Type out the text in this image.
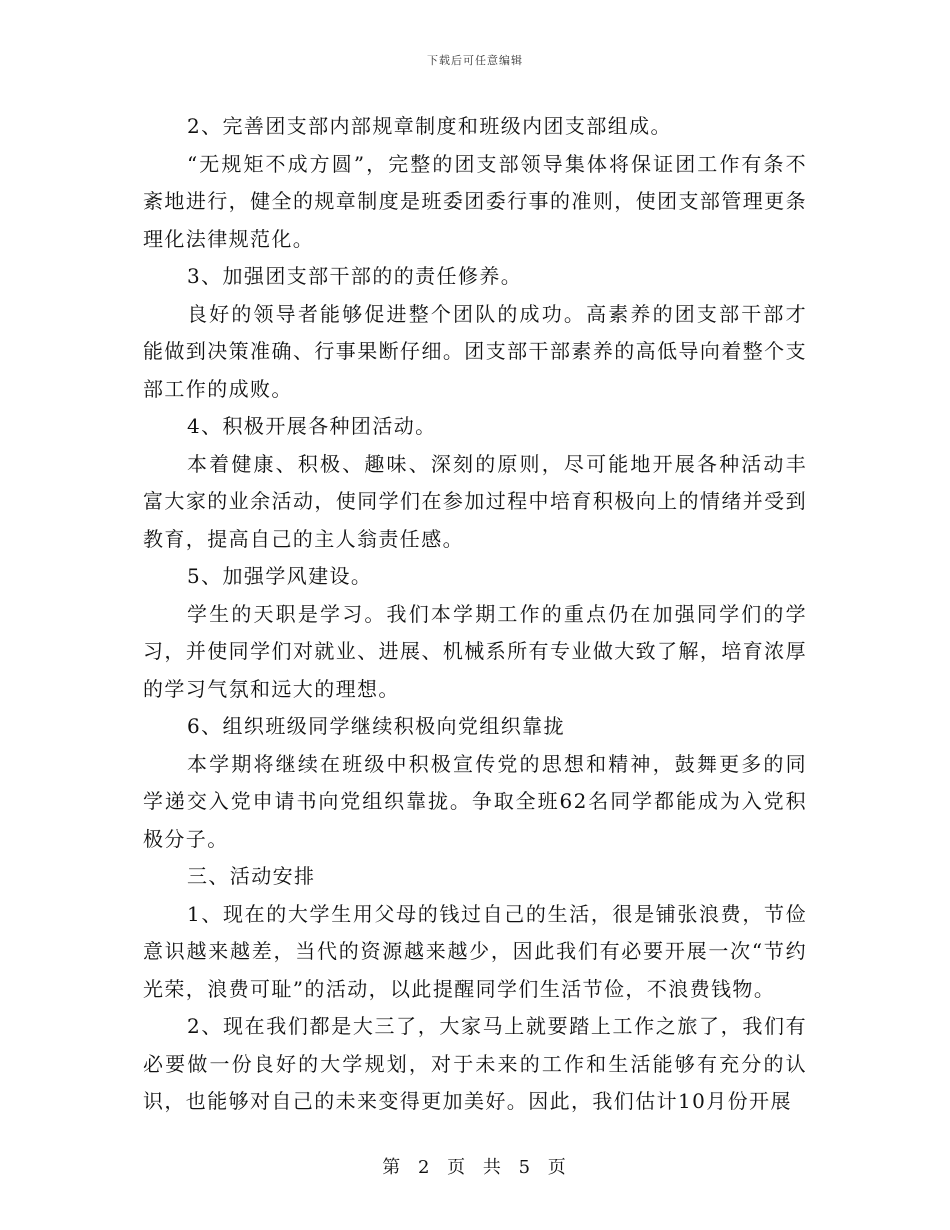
下载后可任意编辑

2、完善团支部内部规章制度和班级内团支部组成。

“无规矩不成方圆”，完整的团支部领导集体将保证团工作有条不紊地进行，健全的规章制度是班委团委行事的准则，使团支部管理更条理化法律规范化。

3、加强团支部干部的的责任修养。

良好的领导者能够促进整个团队的成功。高素养的团支部干部才能做到决策准确、行事果断仔细。团支部干部素养的高低导向着整个支部工作的成败。

4、积极开展各种团活动。

本着健康、积极、趣味、深刻的原则，尽可能地开展各种活动丰富大家的业余活动，使同学们在参加过程中培育积极向上的情绪并受到教育，提高自己的主人翁责任感。

5、加强学风建设。

学生的天职是学习。我们本学期工作的重点仍在加强同学们的学习，并使同学们对就业、进展、机械系所有专业做大致了解，培育浓厚的学习气氛和远大的理想。

6、组织班级同学继续积极向党组织靠拢

本学期将继续在班级中积极宣传党的思想和精神，鼓舞更多的同学递交入党申请书向党组织靠拢。争取全班62名同学都能成为入党积极分子。

三、活动安排

1、现在的大学生用父母的钱过自己的生活，很是铺张浪费，节俭意识越来越差，当代的资源越来越少，因此我们有必要开展一次“节约光荣，浪费可耻”的活动，以此提醒同学们生活节俭，不浪费钱物。

2、现在我们都是大三了，大家马上就要踏上工作之旅了，我们有必要做一份良好的大学规划，对于未来的工作和生活能够有充分的认识，也能够对自己的未来变得更加美好。因此，我们估计10月份开展

第 2 页 共 5 页
